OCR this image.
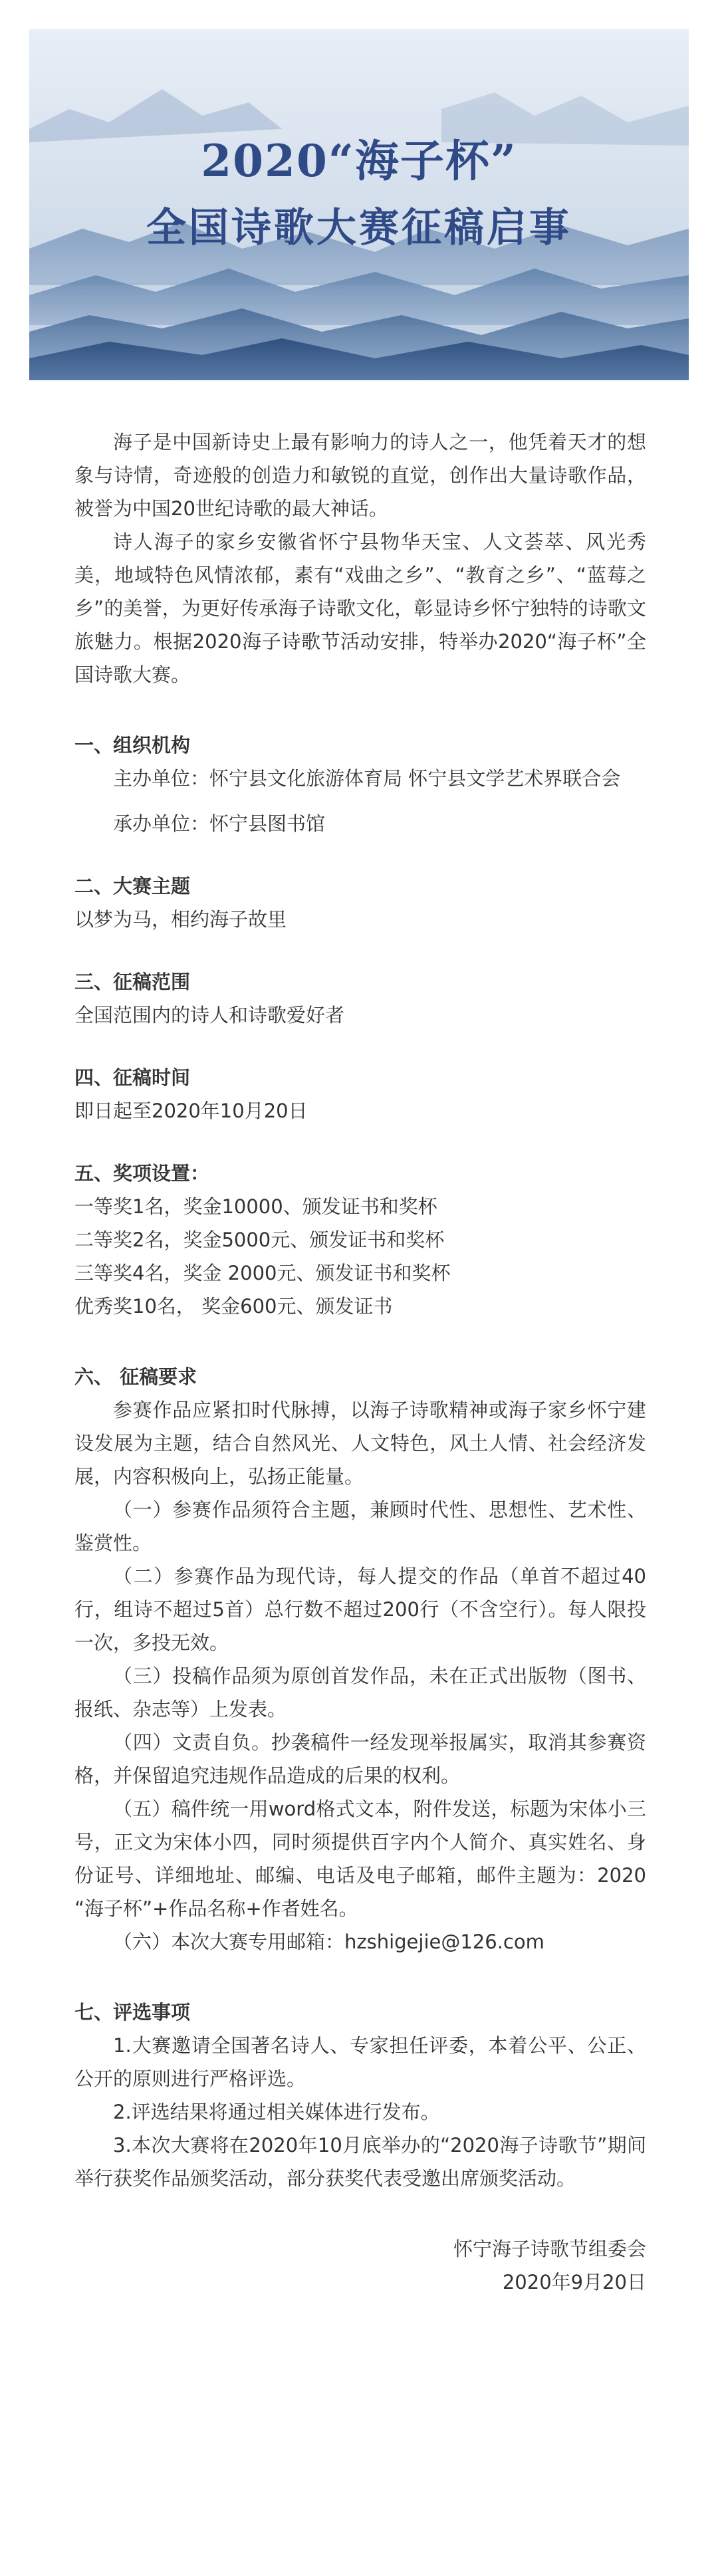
2020“海子杯”
全国诗歌大赛征稿启事

海子是中国新诗史上最有影响力的诗人之一，他凭着天才的想象与诗情，奇迹般的创造力和敏锐的直觉，创作出大量诗歌作品，被誉为中国20世纪诗歌的最大神话。

诗人海子的家乡安徽省怀宁县物华天宝、人文荟萃、风光秀美，地域特色风情浓郁，素有“戏曲之乡”、“教育之乡”、“蓝莓之乡”的美誉，为更好传承海子诗歌文化，彰显诗乡怀宁独特的诗歌文旅魅力。根据2020海子诗歌节活动安排，特举办2020“海子杯”全国诗歌大赛。

一、组织机构

主办单位：怀宁县文化旅游体育局 怀宁县文学艺术界联合会

承办单位：怀宁县图书馆

二、大赛主题

以梦为马，相约海子故里

三、征稿范围

全国范围内的诗人和诗歌爱好者

四、征稿时间

即日起至2020年10月20日

五、奖项设置：

一等奖1名，奖金10000、颁发证书和奖杯

二等奖2名，奖金5000元、颁发证书和奖杯

三等奖4名，奖金 2000元、颁发证书和奖杯

优秀奖10名， 奖金600元、颁发证书

六、 征稿要求

参赛作品应紧扣时代脉搏，以海子诗歌精神或海子家乡怀宁建设发展为主题，结合自然风光、人文特色，风土人情、社会经济发展，内容积极向上，弘扬正能量。

（一）参赛作品须符合主题，兼顾时代性、思想性、艺术性、鉴赏性。

（二）参赛作品为现代诗，每人提交的作品（单首不超过40行，组诗不超过5首）总行数不超过200行（不含空行）。每人限投一次，多投无效。

（三）投稿作品须为原创首发作品，未在正式出版物（图书、报纸、杂志等）上发表。

（四）文责自负。抄袭稿件一经发现举报属实，取消其参赛资格，并保留追究违规作品造成的后果的权利。

（五）稿件统一用word格式文本，附件发送，标题为宋体小三号，正文为宋体小四，同时须提供百字内个人简介、真实姓名、身份证号、详细地址、邮编、电话及电子邮箱，邮件主题为：2020 “海子杯”+作品名称+作者姓名。

（六）本次大赛专用邮箱：hzshigejie@126.com

七、评选事项

1.大赛邀请全国著名诗人、专家担任评委，本着公平、公正、公开的原则进行严格评选。

2.评选结果将通过相关媒体进行发布。

3.本次大赛将在2020年10月底举办的“2020海子诗歌节”期间举行获奖作品颁奖活动，部分获奖代表受邀出席颁奖活动。

怀宁海子诗歌节组委会

2020年9月20日
